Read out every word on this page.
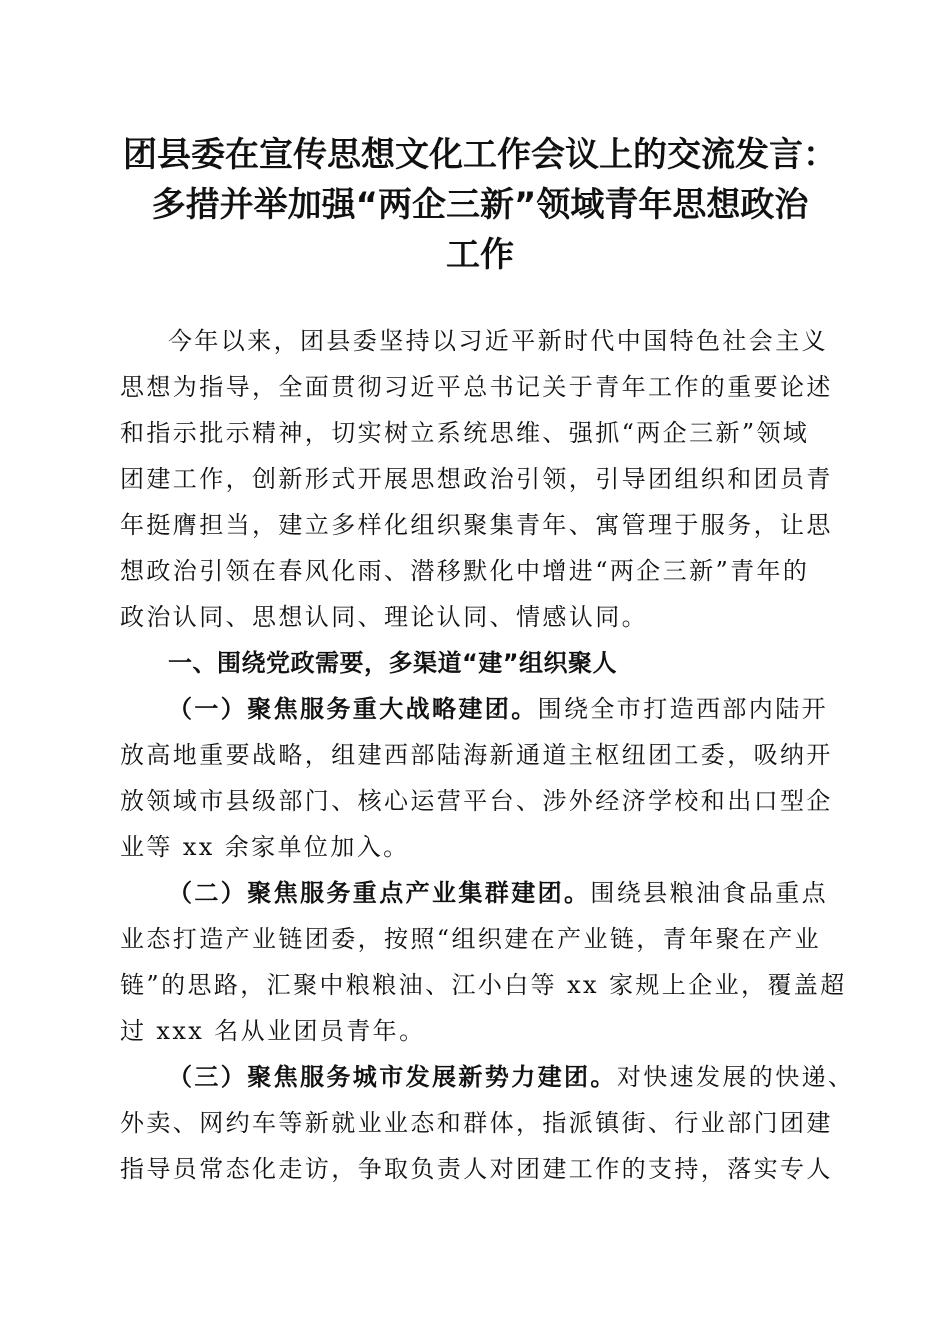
团县委在宣传思想文化工作会议上的交流发言：
多措并举加强“两企三新”领域青年思想政治
工作
今年以来，团县委坚持以习近平新时代中国特色社会主义
思想为指导，全面贯彻习近平总书记关于青年工作的重要论述
和指示批示精神，切实树立系统思维、强抓“两企三新”领域
团建工作，创新形式开展思想政治引领，引导团组织和团员青
年挺膺担当，建立多样化组织聚集青年、寓管理于服务，让思
想政治引领在春风化雨、潜移默化中增进“两企三新”青年的
政治认同、思想认同、理论认同、情感认同。
一、围绕党政需要，多渠道“建”组织聚人
（一）聚焦服务重大战略建团。围绕全市打造西部内陆开
放高地重要战略，组建西部陆海新通道主枢纽团工委，吸纳开
放领域市县级部门、核心运营平台、涉外经济学校和出口型企
业等 xx 余家单位加入。
（二）聚焦服务重点产业集群建团。围绕县粮油食品重点
业态打造产业链团委，按照“组织建在产业链，青年聚在产业
链”的思路，汇聚中粮粮油、江小白等 xx 家规上企业，覆盖超
过 xxx 名从业团员青年。
（三）聚焦服务城市发展新势力建团。对快速发展的快递、
外卖、网约车等新就业业态和群体，指派镇街、行业部门团建
指导员常态化走访，争取负责人对团建工作的支持，落实专人
